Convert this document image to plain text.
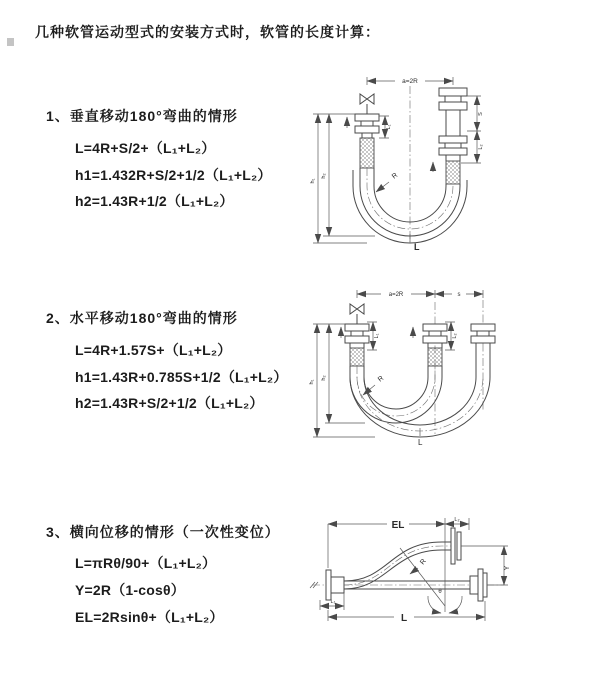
几种软管运动型式的安装方式时，软管的长度计算：
1、垂直移动180°弯曲的情形
L=4R+S/2+（L₁+L₂）
h1=1.432R+S/2+1/2（L₁+L₂）
h2=1.43R+1/2（L₁+L₂）
2、水平移动180°弯曲的情形
L=4R+1.57S+（L₁+L₂）
h1=1.43R+0.785S+1/2（L₁+L₂）
h2=1.43R+S/2+1/2（L₁+L₂）
3、横向位移的情形（一次性变位）
L=πRθ/90+（L₁+L₂）
Y=2R（1-cosθ）
EL=2Rsinθ+（L₁+L₂）
a=2R
L₁
S
L₂
h₁
h₂	R
L
a=2R	s
L₁	L₂
h₁
h₂	R
L
EL	L₂
Y
θ
R
L₁
L
